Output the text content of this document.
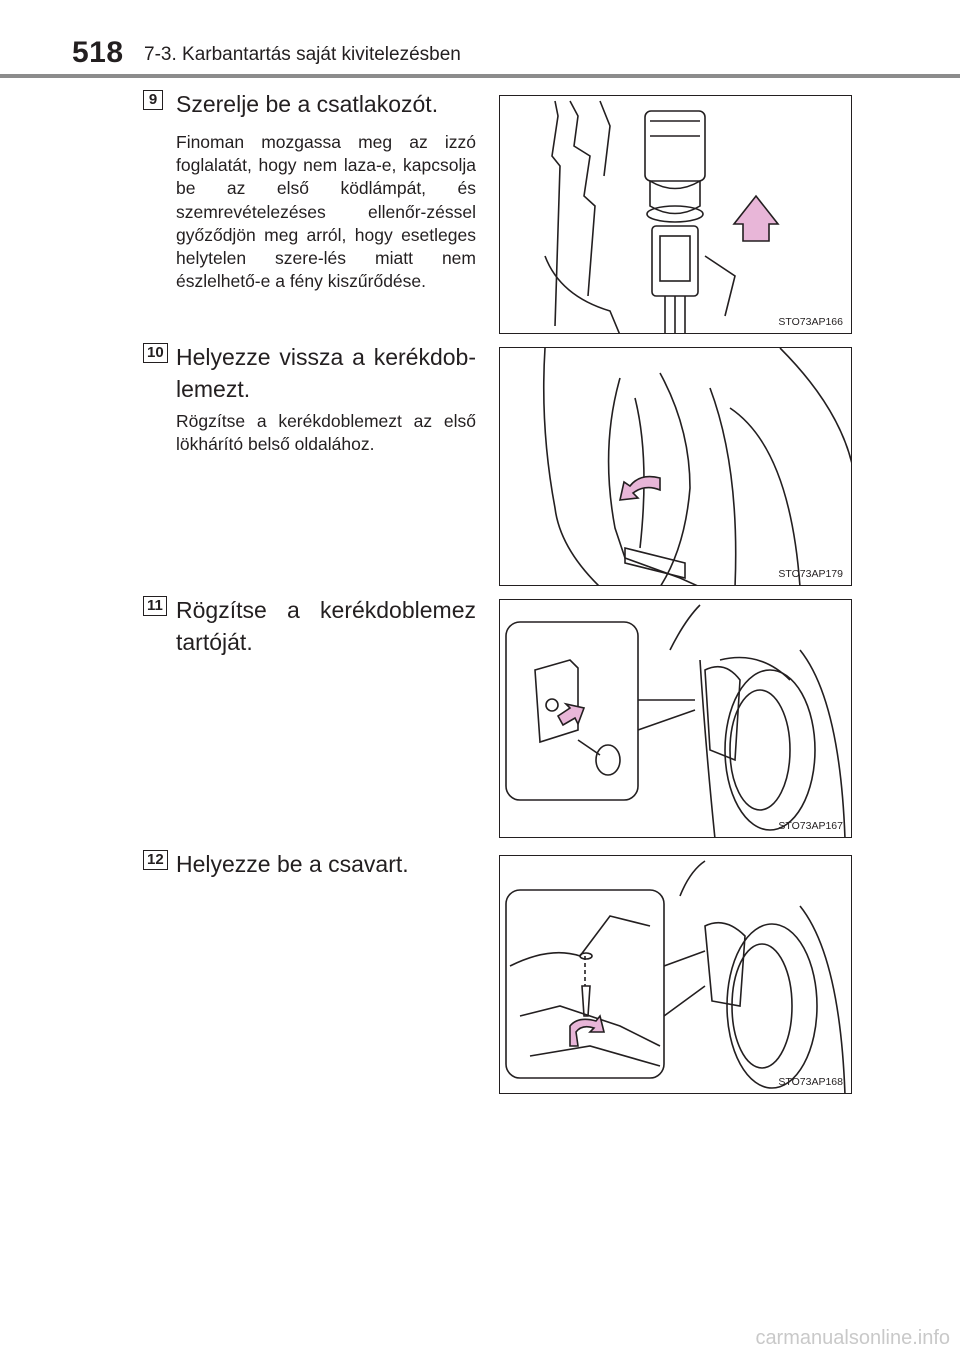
518 7-3. Karbantartás saját kivitelezésben
9 Szerelje be a csatlakozót.
Finoman mozgassa meg az izzó foglalatát, hogy nem laza-e, kapcsolja be az első ködlámpát, és szemrevételezéses ellenőr-zéssel győződjön meg arról, hogy esetleges helytelen szere-lés miatt nem észlelhető-e a fény kiszűrődése.
STO73AP166
10 Helyezze vissza a kerékdob-lemezt.
Rögzítse a kerékdoblemezt az első lökhárító belső oldalához.
STO73AP179
11 Rögzítse a kerékdoblemez tartóját.
STO73AP167
12 Helyezze be a csavart.
STO73AP168
carmanualsonline.info
